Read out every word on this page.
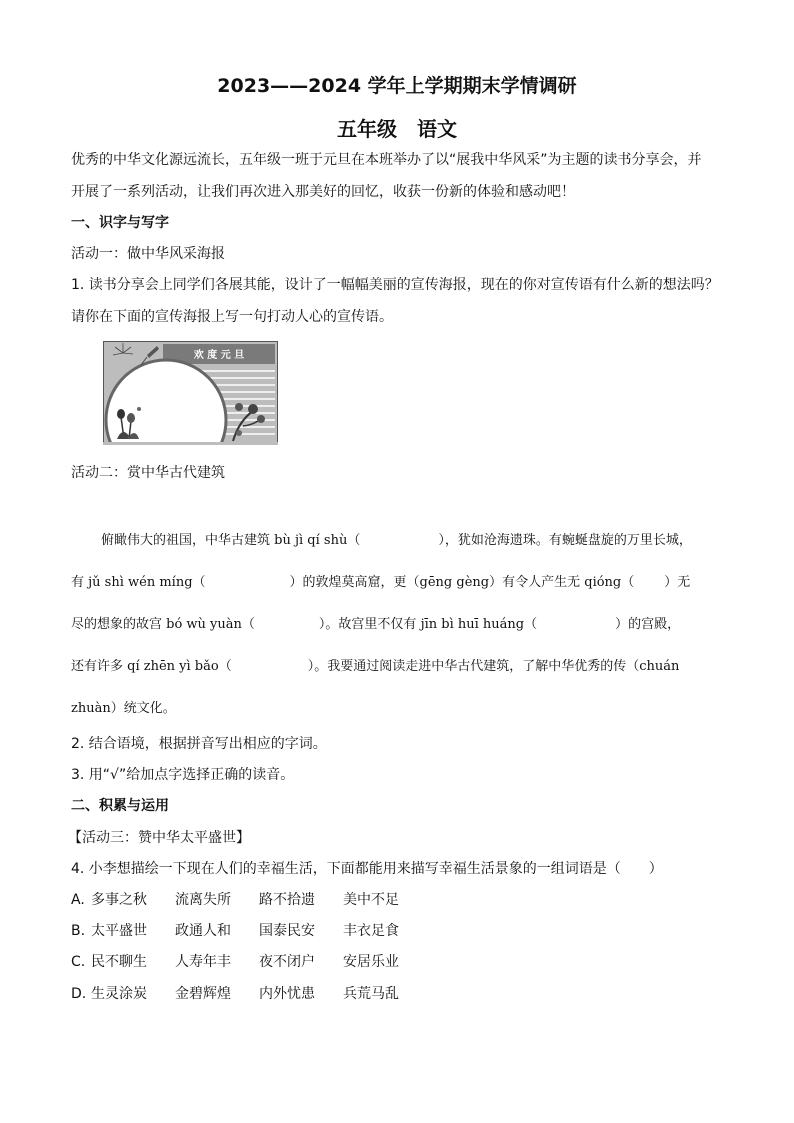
2023——2024 学年上学期期末学情调研
五年级　语文
优秀的中华文化源远流长，五年级一班于元旦在本班举办了以“展我中华风采”为主题的读书分享会，并
开展了一系列活动，让我们再次进入那美好的回忆，收获一份新的体验和感动吧！
一、识字与写字
活动一：做中华风采海报
1. 读书分享会上同学们各展其能，设计了一幅幅美丽的宣传海报，现在的你对宣传语有什么新的想法吗？
请你在下面的宣传海报上写一句打动人心的宣传语。
欢 度 元 旦
活动二：赏中华古代建筑
俯瞰伟大的祖国，中华古建筑 bù jì qí shù（	），犹如沧海遗珠。有蜿蜒盘旋的万里长城，
有 jǔ shì wén míng（	）的敦煌莫高窟，更（gēng gèng）有令人产生无 qióng（ ）无
尽的想象的故宫 bó wù yuàn（	）。故宫里不仅有 jīn bì huī huáng（	）的宫殿，
还有许多 qí zhēn yì bǎo（	）。我要通过阅读走进中华古代建筑，了解中华优秀的传（chuán
zhuàn）统文化。
2. 结合语境，根据拼音写出相应的字词。
3. 用“√”给加点字选择正确的读音。
二、积累与运用
【活动三：赞中华太平盛世】
4. 小李想描绘一下现在人们的幸福生活，下面都能用来描写幸福生活景象的一组词语是（　　）
A. 多事之秋 流离失所 路不拾遗 美中不足
B. 太平盛世 政通人和 国泰民安 丰衣足食
C. 民不聊生 人寿年丰 夜不闭户 安居乐业
D. 生灵涂炭 金碧辉煌 内外忧患 兵荒马乱
